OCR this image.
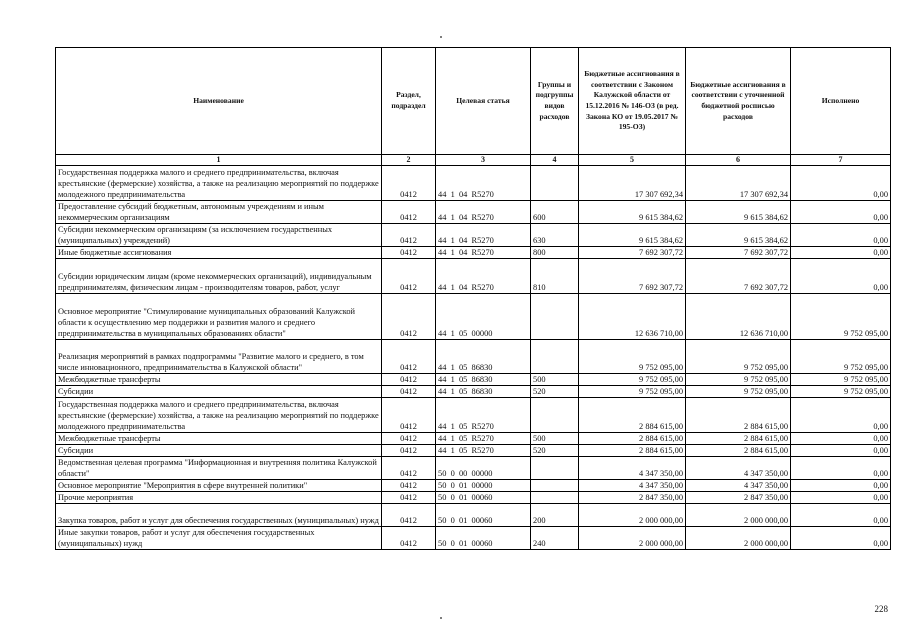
Наименование	Раздел, подраздел	Целевая статья	Группы и подгруппы видов расходов	Бюджетные ассигнования в соответствии с Законом Калужской области от 15.12.2016 № 146-ОЗ (в ред. Закона КО от 19.05.2017 № 195-ОЗ)	Бюджетные ассигнования в соответствии с уточненной бюджетной росписью расходов	Исполнено
1	2	3	4	5	6	7
Государственная поддержка малого и среднего предпринимательства, включая крестьянские (фермерские) хозяйства, а также на реализацию мероприятий по поддержке молодежного предпринимательства	0412	44  1  04  R5270		17 307 692,34	17 307 692,34	0,00
Предоставление субсидий бюджетным, автономным учреждениям и иным некоммерческим организациям	0412	44  1  04  R5270	600	9 615 384,62	9 615 384,62	0,00
Субсидии некоммерческим организациям (за исключением государственных (муниципальных) учреждений)	0412	44  1  04  R5270	630	9 615 384,62	9 615 384,62	0,00
Иные бюджетные ассигнования	0412	44  1  04  R5270	800	7 692 307,72	7 692 307,72	0,00
Субсидии юридическим лицам (кроме некоммерческих организаций), индивидуальным предпринимателям, физическим лицам - производителям товаров, работ, услуг	0412	44  1  04  R5270	810	7 692 307,72	7 692 307,72	0,00
Основное мероприятие "Стимулирование муниципальных образований Калужской области к осуществлению мер поддержки и развития малого и среднего предпринимательства в муниципальных образованиях области"	0412	44  1  05  00000		12 636 710,00	12 636 710,00	9 752 095,00
Реализация мероприятий в рамках подпрограммы "Развитие малого и среднего, в том числе инновационного, предпринимательства в Калужской области"	0412	44  1  05  86830		9 752 095,00	9 752 095,00	9 752 095,00
Межбюджетные трансферты	0412	44  1  05  86830	500	9 752 095,00	9 752 095,00	9 752 095,00
Субсидии	0412	44  1  05  86830	520	9 752 095,00	9 752 095,00	9 752 095,00
Государственная поддержка малого и среднего предпринимательства, включая крестьянские (фермерские) хозяйства, а также на реализацию мероприятий по поддержке молодежного предпринимательства	0412	44  1  05  R5270		2 884 615,00	2 884 615,00	0,00
Межбюджетные трансферты	0412	44  1  05  R5270	500	2 884 615,00	2 884 615,00	0,00
Субсидии	0412	44  1  05  R5270	520	2 884 615,00	2 884 615,00	0,00
Ведомственная целевая программа "Информационная и внутренняя политика Калужской области"	0412	50  0  00  00000		4 347 350,00	4 347 350,00	0,00
Основное мероприятие "Мероприятия в сфере внутренней политики"	0412	50  0  01  00000		4 347 350,00	4 347 350,00	0,00
Прочие мероприятия	0412	50  0  01  00060		2 847 350,00	2 847 350,00	0,00
Закупка товаров, работ и услуг для обеспечения государственных (муниципальных) нужд	0412	50  0  01  00060	200	2 000 000,00	2 000 000,00	0,00
Иные закупки товаров, работ и услуг для обеспечения государственных (муниципальных) нужд	0412	50  0  01  00060	240	2 000 000,00	2 000 000,00	0,00
228
